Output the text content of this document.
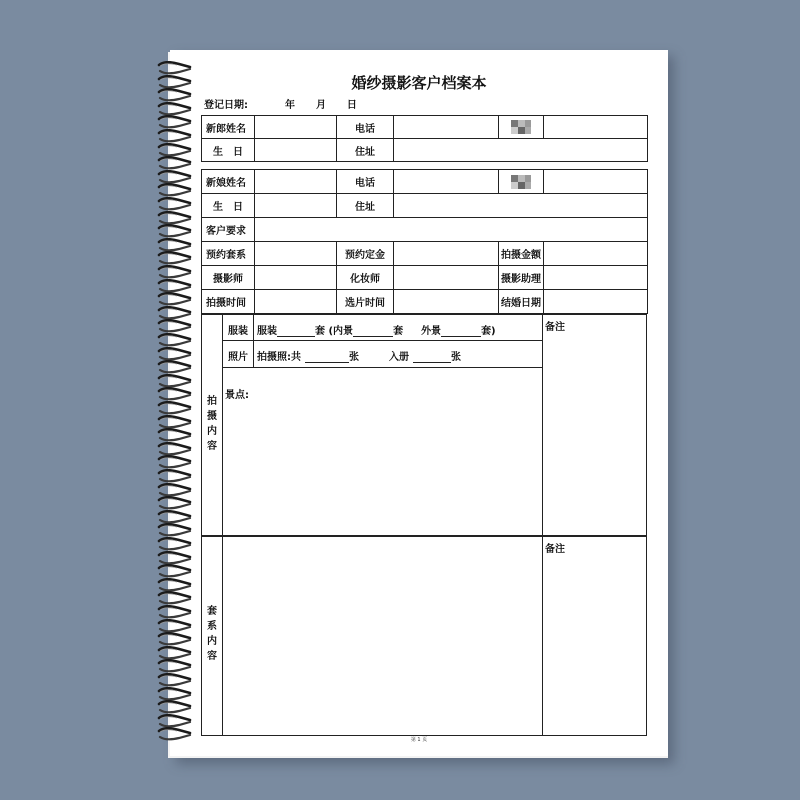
婚纱摄影客户档案本
登记日期:	年 月 日
新郎姓名		电话			
生　日		住址			
新娘姓名		电话			
生　日		住址			
客户要求					
预约套系		预约定金		拍摄金额	
摄影师		化妆师		摄影助理	
拍摄时间		选片时间		结婚日期	
拍
摄
内
容
服装 服装	套 (内景	套 外景	套)
照片 拍摄照:共	张	入册	张
景点:
备注
套
系
内
容
备注
第 1 页
